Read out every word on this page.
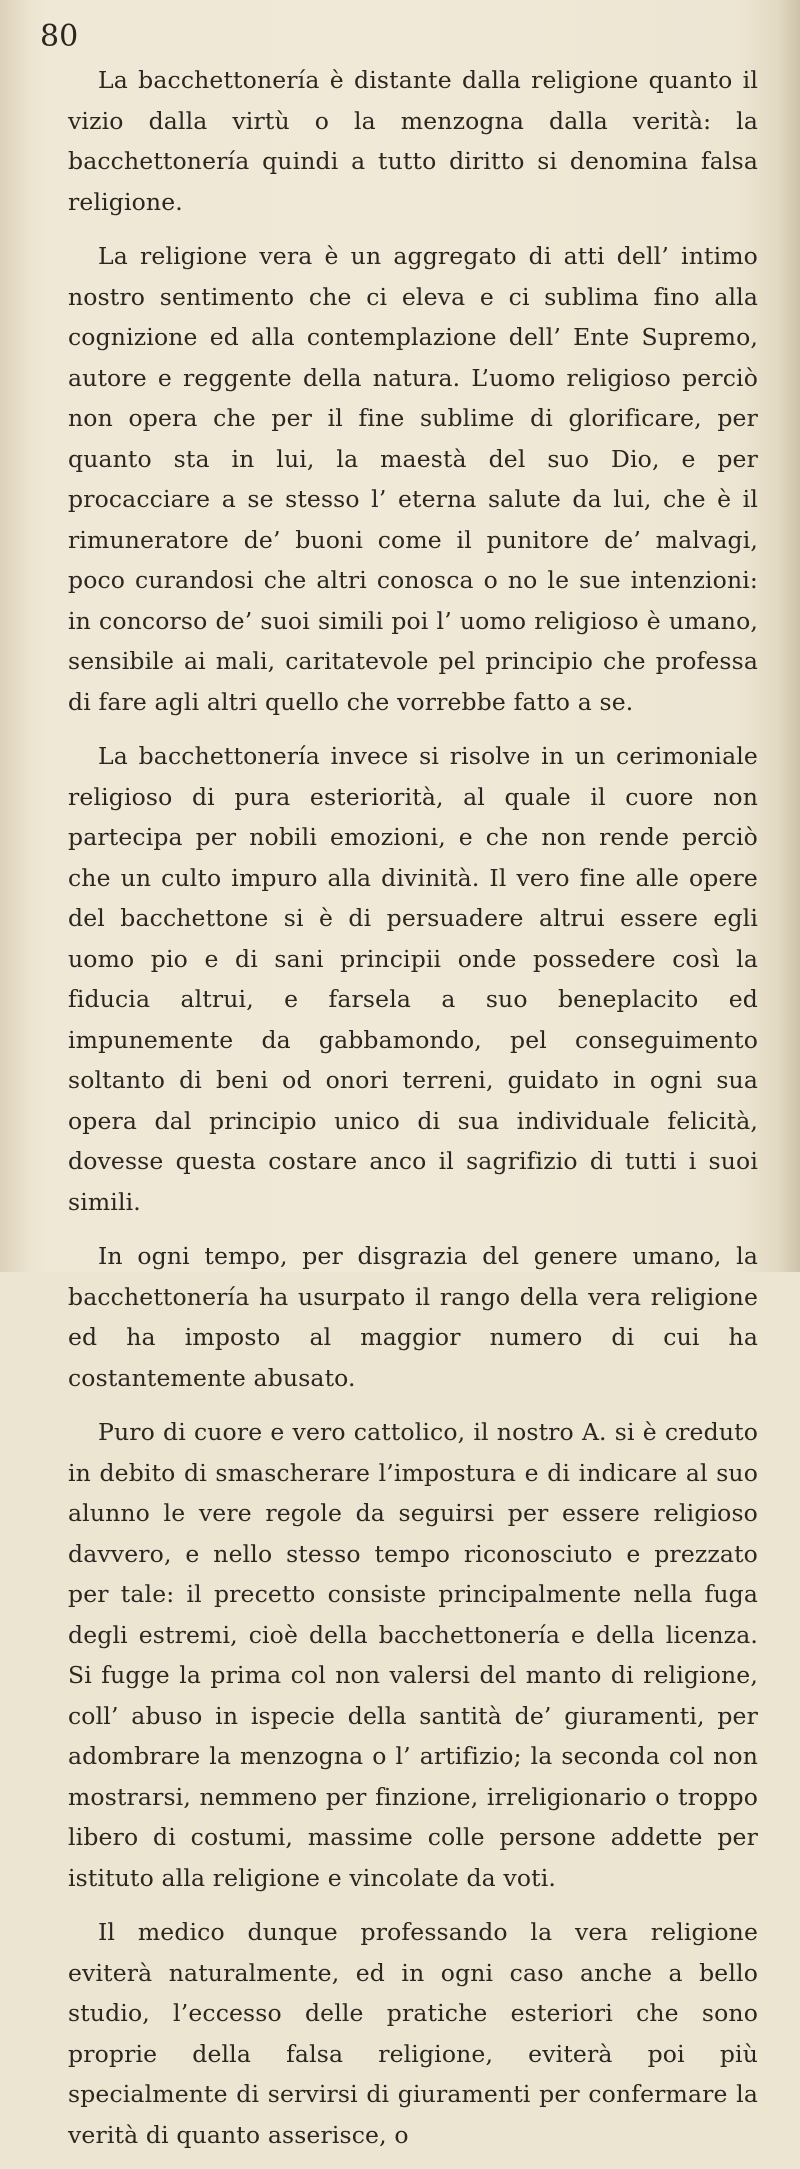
80

La bacchettonería è distante dalla religione quanto il vizio dalla virtù o la menzogna dalla verità: la bacchettonería quindi a tutto diritto si denomina falsa religione.

La religione vera è un aggregato di atti dell’ intimo nostro sentimento che ci eleva e ci sublima fino alla cognizione ed alla contemplazione dell’ Ente Supremo, autore e reggente della natura. L’uomo religioso perciò non opera che per il fine sublime di glorificare, per quanto sta in lui, la maestà del suo Dio, e per procacciare a se stesso l’ eterna salute da lui, che è il rimuneratore de’ buoni come il punitore de’ malvagi, poco curandosi che altri conosca o no le sue intenzioni: in concorso de’ suoi simili poi l’ uomo religioso è umano, sensibile ai mali, caritatevole pel principio che professa di fare agli altri quello che vorrebbe fatto a se.

La bacchettonería invece si risolve in un cerimoniale religioso di pura esteriorità, al quale il cuore non partecipa per nobili emozioni, e che non rende perciò che un culto impuro alla divinità. Il vero fine alle opere del bacchettone si è di persuadere altrui essere egli uomo pio e di sani principii onde possedere così la fiducia altrui, e farsela a suo beneplacito ed impunemente da gabbamondo, pel conseguimento soltanto di beni od onori terreni, guidato in ogni sua opera dal principio unico di sua individuale felicità, dovesse questa costare anco il sagrifizio di tutti i suoi simili.

In ogni tempo, per disgrazia del genere umano, la bacchettonería ha usurpato il rango della vera religione ed ha imposto al maggior numero di cui ha costantemente abusato.

Puro di cuore e vero cattolico, il nostro A. si è creduto in debito di smascherare l’impostura e di indicare al suo alunno le vere regole da seguirsi per essere religioso davvero, e nello stesso tempo riconosciuto e prezzato per tale: il precetto consiste principalmente nella fuga degli estremi, cioè della bacchettonería e della licenza. Si fugge la prima col non valersi del manto di religione, coll’ abuso in ispecie della santità de’ giuramenti, per adombrare la menzogna o l’ artifizio; la seconda col non mostrarsi, nemmeno per finzione, irreligionario o troppo libero di costumi, massime colle persone addette per istituto alla religione e vincolate da voti.

Il medico dunque professando la vera religione eviterà naturalmente, ed in ogni caso anche a bello studio, l’eccesso delle pratiche esteriori che sono proprie della falsa religione, eviterà poi più specialmente di servirsi di giuramenti per confermare la verità di quanto asserisce, o
